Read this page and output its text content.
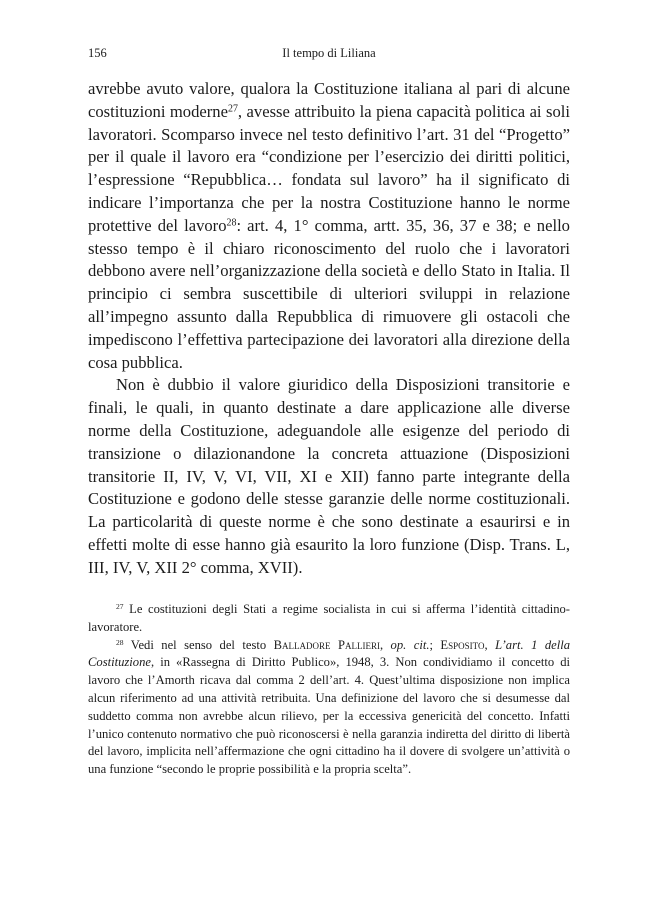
156	Il tempo di Liliana

avrebbe avuto valore, qualora la Costituzione italiana al pari di alcune costituzioni moderne$^{27}$, avesse attribuito la piena capacità politica ai soli lavoratori. Scomparso invece nel testo definitivo l’art. 31 del “Progetto” per il quale il lavoro era “condizione per l’esercizio dei diritti politici, l’espressione “Repubblica… fondata sul lavoro” ha il significato di indicare l’importanza che per la nostra Costituzione hanno le norme protettive del lavoro$^{28}$: art. 4, 1° comma, artt. 35, 36, 37 e 38; e nello stesso tempo è il chiaro riconoscimento del ruolo che i lavoratori debbono avere nell’organizzazione della società e dello Stato in Italia. Il principio ci sembra suscettibile di ulteriori sviluppi in relazione all’impegno assunto dalla Repubblica di rimuovere gli ostacoli che impediscono l’effettiva partecipazione dei lavoratori alla direzione della cosa pubblica.

Non è dubbio il valore giuridico della Disposizioni transitorie e finali, le quali, in quanto destinate a dare applicazione alle diverse norme della Costituzione, adeguandole alle esigenze del periodo di transizione o dilazionandone la concreta attuazione (Disposizioni transitorie II, IV, V, VI, VII, XI e XII) fanno parte integrante della Costituzione e godono delle stesse garanzie delle norme costituzionali. La particolarità di queste norme è che sono destinate a esaurirsi e in effetti molte di esse hanno già esaurito la loro funzione (Disp. Trans. L, III, IV, V, XII 2° comma, XVII).

$^{27}$ Le costituzioni degli Stati a regime socialista in cui si afferma l’identità cittadino-lavoratore.

$^{28}$ Vedi nel senso del testo Balladore Pallieri, op. cit.; Esposito, L’art. 1 della Costituzione, in «Rassegna di Diritto Publico», 1948, 3. Non condividiamo il concetto di lavoro che l’Amorth ricava dal comma 2 dell’art. 4. Quest’ultima disposizione non implica alcun riferimento ad una attività retribuita. Una definizione del lavoro che si desumesse dal suddetto comma non avrebbe alcun rilievo, per la eccessiva genericità del concetto. Infatti l’unico contenuto normativo che può riconoscersi è nella garanzia indiretta del diritto di libertà del lavoro, implicita nell’affermazione che ogni cittadino ha il dovere di svolgere un’attività o una funzione “secondo le proprie possibilità e la propria scelta”.
